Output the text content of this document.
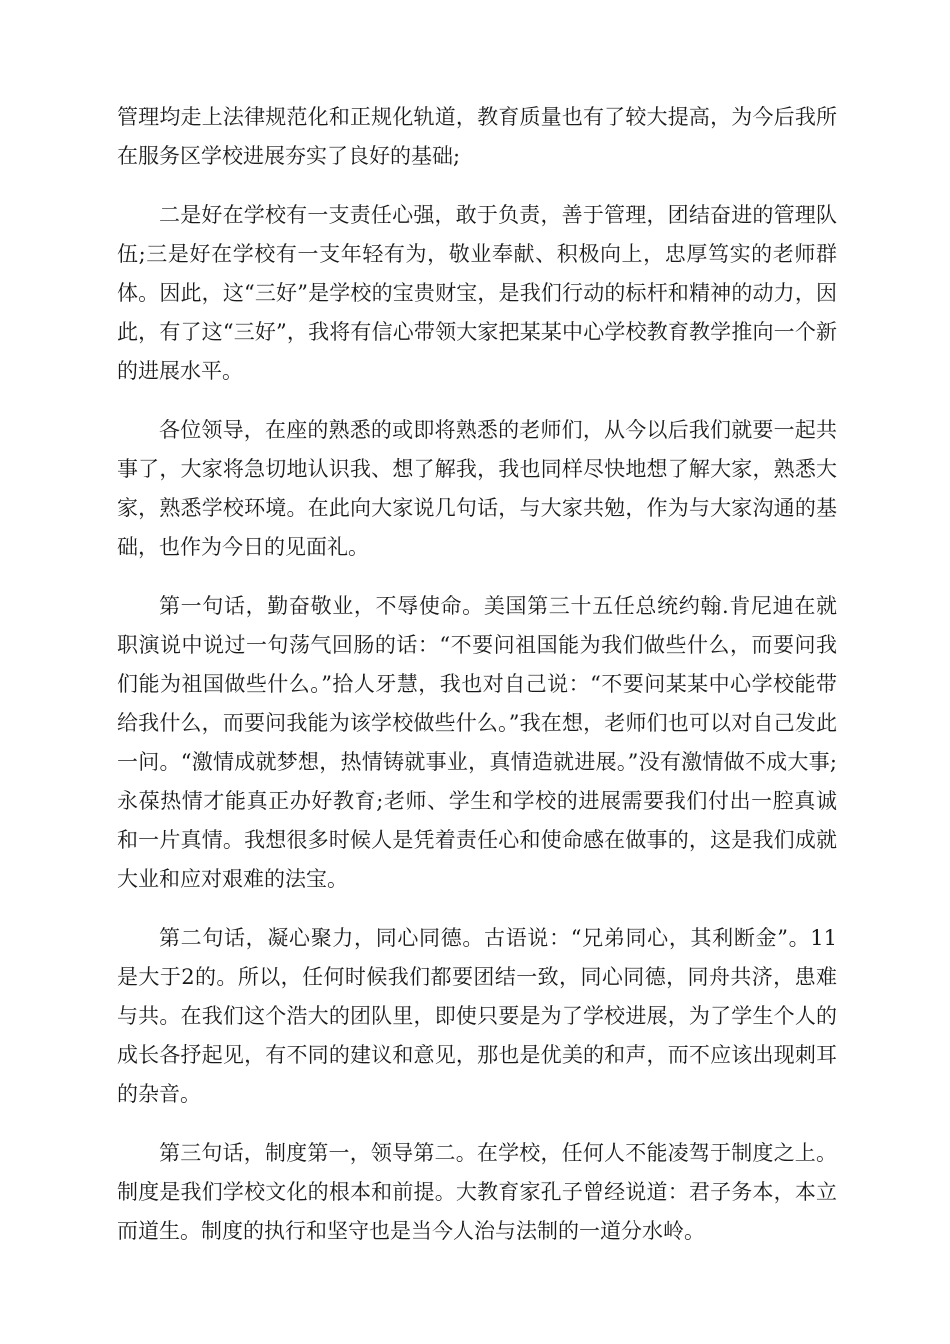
管理均走上法律规范化和正规化轨道，教育质量也有了较大提高，为今后我所在服务区学校进展夯实了良好的基础;

二是好在学校有一支责任心强，敢于负责，善于管理，团结奋进的管理队伍;三是好在学校有一支年轻有为，敬业奉献、积极向上，忠厚笃实的老师群体。因此，这“三好”是学校的宝贵财宝，是我们行动的标杆和精神的动力，因此，有了这“三好”，我将有信心带领大家把某某中心学校教育教学推向一个新的进展水平。

各位领导，在座的熟悉的或即将熟悉的老师们，从今以后我们就要一起共事了，大家将急切地认识我、想了解我，我也同样尽快地想了解大家，熟悉大家，熟悉学校环境。在此向大家说几句话，与大家共勉，作为与大家沟通的基础，也作为今日的见面礼。

第一句话，勤奋敬业，不辱使命。美国第三十五任总统约翰.肯尼迪在就职演说中说过一句荡气回肠的话：“不要问祖国能为我们做些什么，而要问我们能为祖国做些什么。”拾人牙慧，我也对自己说：“不要问某某中心学校能带给我什么，而要问我能为该学校做些什么。”我在想，老师们也可以对自己发此一问。“激情成就梦想，热情铸就事业，真情造就进展。”没有激情做不成大事;永葆热情才能真正办好教育;老师、学生和学校的进展需要我们付出一腔真诚和一片真情。我想很多时候人是凭着责任心和使命感在做事的，这是我们成就大业和应对艰难的法宝。

第二句话，凝心聚力，同心同德。古语说：“兄弟同心，其利断金”。11是大于2的。所以，任何时候我们都要团结一致，同心同德，同舟共济，患难与共。在我们这个浩大的团队里，即使只要是为了学校进展，为了学生个人的成长各抒起见，有不同的建议和意见，那也是优美的和声，而不应该出现刺耳的杂音。

第三句话，制度第一，领导第二。在学校，任何人不能凌驾于制度之上。制度是我们学校文化的根本和前提。大教育家孔子曾经说道：君子务本，本立而道生。制度的执行和坚守也是当今人治与法制的一道分水岭。
